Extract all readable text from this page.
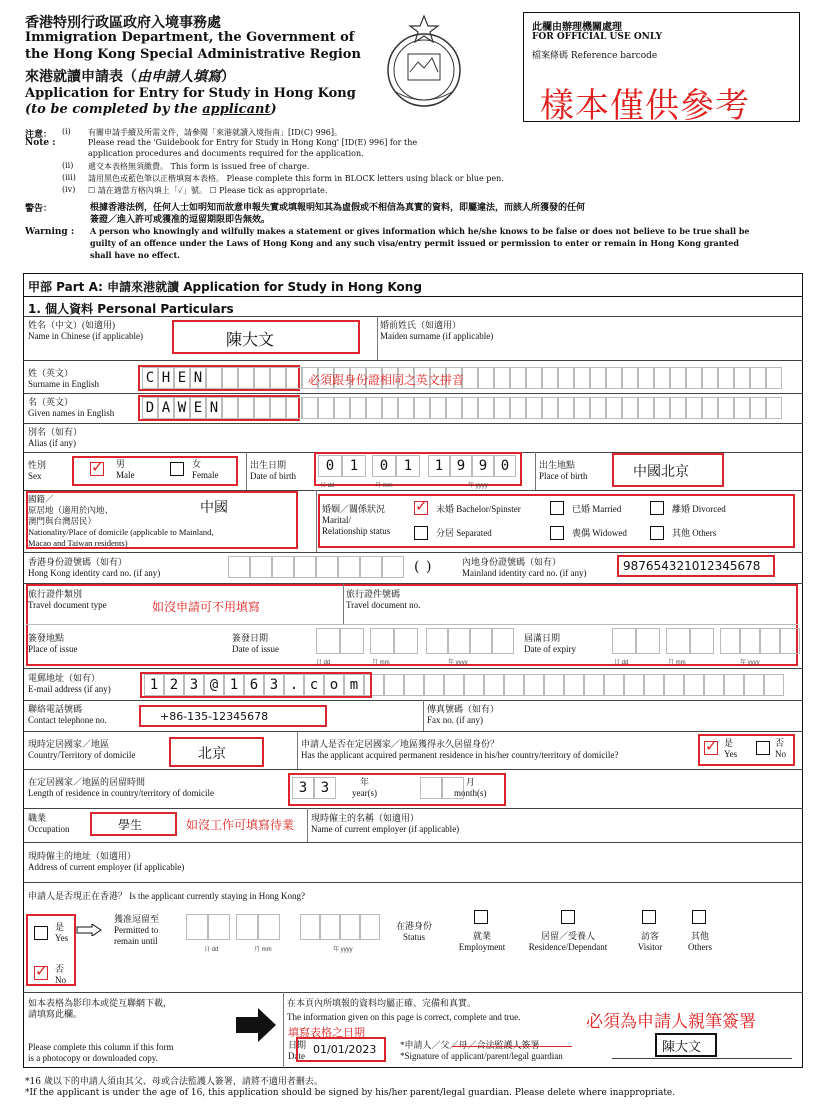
香港特別行政區政府入境事務處
Immigration Department, the Government of
the Hong Kong Special Administrative Region
來港就讀申請表（由申請人填寫）
Application for Entry for Study in Hong Kong
(to be completed by the applicant)
此欄由辦理機關處理
FOR OFFICIAL USE ONLY
檔案條碼 Reference barcode
樣本僅供參考
注意：
Note :
(i) 有關申請手續及所需文件，請參閱「來港就讀入境指南」[ID(C) 996]。
Please read the 'Guidebook for Entry for Study in Hong Kong' [ID(E) 996] for the
application procedures and documents required for the application.
(ii) 遞交本表格無須繳費。 This form is issued free of charge.
(iii) 請用黑色或藍色筆以正楷填寫本表格。 Please complete this form in BLOCK letters using black or blue pen.
(iv) ☐ 請在適當方格內填上「✓」號。 ☐ Please tick as appropriate.
警告：	根據香港法例，任何人士如明知而故意申報失實或填報明知其為虛假或不相信為真實的資料，即屬違法，而該人所獲發的任何
簽證／進入許可或獲准的逗留期限即告無效。
Warning : A person who knowingly and wilfully makes a statement or gives information which he/she knows to be false or does not believe to be true shall be
guilty of an offence under the Laws of Hong Kong and any such visa/entry permit issued or permission to enter or remain in Hong Kong granted
shall have no effect.
甲部 Part A: 申請來港就讀 Application for Study in Hong Kong
1. 個人資料 Personal Particulars
姓名（中文）(如適用)
Name in Chinese (if applicable)	陳大文
婚前姓氏（如適用）
Maiden surname (if applicable)
姓（英文）
Surname in English	C H E N	必須跟身份證相同之英文拼音
名（英文）
Given names in English D A W E N
別名（如有）
Alias (if any)
性別
Sex	✓ 男
Male
女
Female
出生日期
Date of birth
0 1 0 1 1 9 9 0
日 dd	月 mm	年 yyyy
出生地點
Place of birth	中國北京
國籍／
原居地（適用於內地、
澳門與台灣居民）
Nationality/Place of domicile (applicable to Mainland,
Macao and Taiwan residents)
中國	婚姻／關係狀況
Marital/
Relationship status
✓ 未婚 Bachelor/Spinster	已婚 Married	離婚 Divorced
分居 Separated	喪偶 Widowed	其他 Others
香港身份證號碼（如有）
Hong Kong identity card no. (if any)	( )	內地身份證號碼（如有）
Mainland identity card no. (if any)	987654321012345678
旅行證件類別
Travel document type	如沒申請可不用填寫
旅行證件號碼
Travel document no.
簽發地點
Place of issue
簽發日期
Date of issue
屆滿日期
Date of expiry
日 dd	月 mm	年 yyyy	日 dd	月 mm	年 yyyy
電郵地址（如有）
E-mail address (if any)	1 2 3 @ 1 6 3 . c o m
聯絡電話號碼
Contact telephone no.	+86-135-12345678
傳真號碼（如有）
Fax no. (if any)
現時定居國家／地區
Country/Territory of domicile	北京
申請人是否在定居國家／地區獲得永久居留身份？
Has the applicant acquired permanent residence in his/her country/territory of domicile?	✓ 是
Yes
否
No
在定居國家／地區的居留時間
Length of residence in country/territory of domicile	3 3	年
year(s)
月
month(s)
職業
Occupation	學生	如沒工作可填寫待業 現時僱主的名稱（如適用）
Name of current employer (if applicable)
現時僱主的地址（如適用）
Address of current employer (if applicable)
申請人是否現正在香港？ Is the applicant currently staying in Hong Kong?
是
Yes
✓ 否
No
獲准逗留至
Permitted to
remain until
日 dd	月 mm	年 yyyy
在港身份
Status	就業
Employment
居留／受養人
Residence/Dependant
訪客
Visitor
其他
Others
如本表格為影印本或從互聯網下載，
請填寫此欄。
Please complete this column if this form
is a photocopy or downloaded copy.
在本頁內所填報的資料均屬正確、完備和真實。
The information given on this page is correct, complete and true.	必須為申請人親筆簽署
填寫表格之日期
日期
Date 01/01/2023	*申請人／父／母／合法監護人簽署
*Signature of applicant/parent/legal guardian
陳大文
*16 歲以下的申請人須由其父、母或合法監護人簽署，請將不適用者刪去。
*If the applicant is under the age of 16, this application should be signed by his/her parent/legal guardian. Please delete where inappropriate.
